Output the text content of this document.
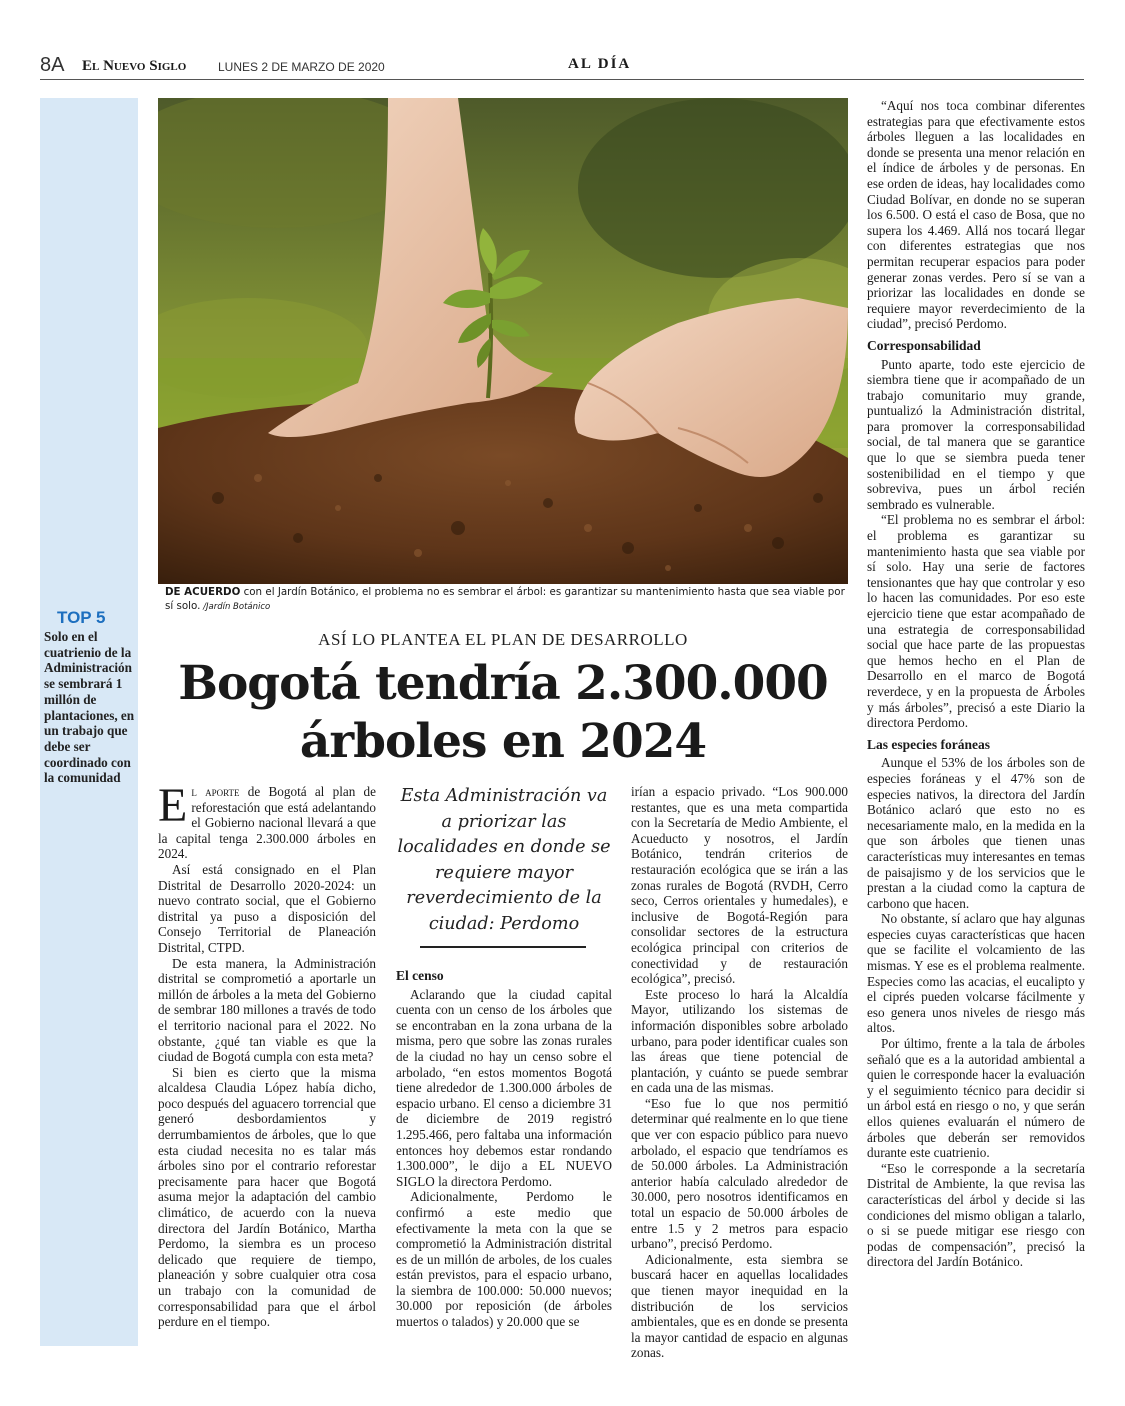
8A El Nuevo Siglo	LUNES 2 DE MARZO DE 2020	AL DÍA
TOP 5
Solo en el cuatrienio de la Administración se sembrará 1 millón de plantaciones, en un trabajo que debe ser coordinado con la comunidad
DE ACUERDO con el Jardín Botánico, el problema no es sembrar el árbol: es garantizar su mantenimiento hasta que sea viable por sí solo. /Jardín Botánico
ASÍ LO PLANTEA EL PLAN DE DESARROLLO
Bogotá tendría 2.300.000 árboles en 2024

El aporte de Bogotá al plan de reforestación que está adelantando el Gobierno nacional llevará a que la capital tenga 2.300.000 árboles en 2024.

Así está consignado en el Plan Distrital de Desarrollo 2020-2024: un nuevo contrato social, que el Gobierno distrital ya puso a disposición del Consejo Territorial de Planeación Distrital, CTPD.

De esta manera, la Administración distrital se comprometió a aportarle un millón de árboles a la meta del Gobierno de sembrar 180 millones a través de todo el territorio nacional para el 2022. No obstante, ¿qué tan viable es que la ciudad de Bogotá cumpla con esta meta?

Si bien es cierto que la misma alcaldesa Claudia López había dicho, poco después del aguacero torrencial que generó desbordamientos y derrumbamientos de árboles, que lo que esta ciudad necesita no es talar más árboles sino por el contrario reforestar precisamente para hacer que Bogotá asuma mejor la adaptación del cambio climático, de acuerdo con la nueva directora del Jardín Botánico, Martha Perdomo, la siembra es un proceso delicado que requiere de tiempo, planeación y sobre cualquier otra cosa un trabajo con la comunidad de corresponsabilidad para que el árbol perdure en el tiempo.

Esta Administración va a priorizar las localidades en donde se requiere mayor reverdecimiento de la ciudad: Perdomo
El censo

Aclarando que la ciudad capital cuenta con un censo de los árboles que se encontraban en la zona urbana de la misma, pero que sobre las zonas rurales de la ciudad no hay un censo sobre el arbolado, “en estos momentos Bogotá tiene alrededor de 1.300.000 árboles de espacio urbano. El censo a diciembre 31 de diciembre de 2019 registró 1.295.466, pero faltaba una información entonces hoy debemos estar rondando 1.300.000”, le dijo a EL NUEVO SIGLO la directora Perdomo.

Adicionalmente, Perdomo le confirmó a este medio que efectivamente la meta con la que se comprometió la Administración distrital es de un millón de arboles, de los cuales están previstos, para el espacio urbano, la siembra de 100.000: 50.000 nuevos; 30.000 por reposición (de árboles muertos o talados) y 20.000 que se

irían a espacio privado. “Los 900.000 restantes, que es una meta compartida con la Secretaría de Medio Ambiente, el Acueducto y nosotros, el Jardín Botánico, tendrán criterios de restauración ecológica que se irán a las zonas rurales de Bogotá (RVDH, Cerro seco, Cerros orientales y humedales), e inclusive de Bogotá-Región para consolidar sectores de la estructura ecológica principal con criterios de conectividad y de restauración ecológica”, precisó.

Este proceso lo hará la Alcaldía Mayor, utilizando los sistemas de información disponibles sobre arbolado urbano, para poder identificar cuales son las áreas que tiene potencial de plantación, y cuánto se puede sembrar en cada una de las mismas.

“Eso fue lo que nos permitió determinar qué realmente en lo que tiene que ver con espacio público para nuevo arbolado, el espacio que tendríamos es de 50.000 árboles. La Administración anterior había calculado alrededor de 30.000, pero nosotros identificamos en total un espacio de 50.000 árboles de entre 1.5 y 2 metros para espacio urbano”, precisó Perdomo.

Adicionalmente, esta siembra se buscará hacer en aquellas localidades que tienen mayor inequidad en la distribución de los servicios ambientales, que es en donde se presenta la mayor cantidad de espacio en algunas zonas.

“Aquí nos toca combinar diferentes estrategias para que efectivamente estos árboles lleguen a las localidades en donde se presenta una menor relación en el índice de árboles y de personas. En ese orden de ideas, hay localidades como Ciudad Bolívar, en donde no se superan los 6.500. O está el caso de Bosa, que no supera los 4.469. Allá nos tocará llegar con diferentes estrategias que nos permitan recuperar espacios para poder generar zonas verdes. Pero sí se van a priorizar las localidades en donde se requiere mayor reverdecimiento de la ciudad”, precisó Perdomo.

Corresponsabilidad

Punto aparte, todo este ejercicio de siembra tiene que ir acompañado de un trabajo comunitario muy grande, puntualizó la Administración distrital, para promover la corresponsabilidad social, de tal manera que se garantice que lo que se siembra pueda tener sostenibilidad en el tiempo y que sobreviva, pues un árbol recién sembrado es vulnerable.

“El problema no es sembrar el árbol: el problema es garantizar su mantenimiento hasta que sea viable por sí solo. Hay una serie de factores tensionantes que hay que controlar y eso lo hacen las comunidades. Por eso este ejercicio tiene que estar acompañado de una estrategia de corresponsabilidad social que hace parte de las propuestas que hemos hecho en el Plan de Desarrollo en el marco de Bogotá reverdece, y en la propuesta de Árboles y más árboles”, precisó a este Diario la directora Perdomo.

Las especies foráneas

Aunque el 53% de los árboles son de especies foráneas y el 47% son de especies nativos, la directora del Jardín Botánico aclaró que esto no es necesariamente malo, en la medida en la que son árboles que tienen unas características muy interesantes en temas de paisajismo y de los servicios que le prestan a la ciudad como la captura de carbono que hacen.

No obstante, sí aclaro que hay algunas especies cuyas características que hacen que se facilite el volcamiento de las mismas. Y ese es el problema realmente. Especies como las acacias, el eucalipto y el ciprés pueden volcarse fácilmente y eso genera unos niveles de riesgo más altos.

Por último, frente a la tala de árboles señaló que es a la autoridad ambiental a quien le corresponde hacer la evaluación y el seguimiento técnico para decidir si un árbol está en riesgo o no, y que serán ellos quienes evaluarán el número de árboles que deberán ser removidos durante este cuatrienio.

“Eso le corresponde a la secretaría Distrital de Ambiente, la que revisa las características del árbol y decide si las condiciones del mismo obligan a talarlo, o si se puede mitigar ese riesgo con podas de compensación”, precisó la directora del Jardín Botánico.
